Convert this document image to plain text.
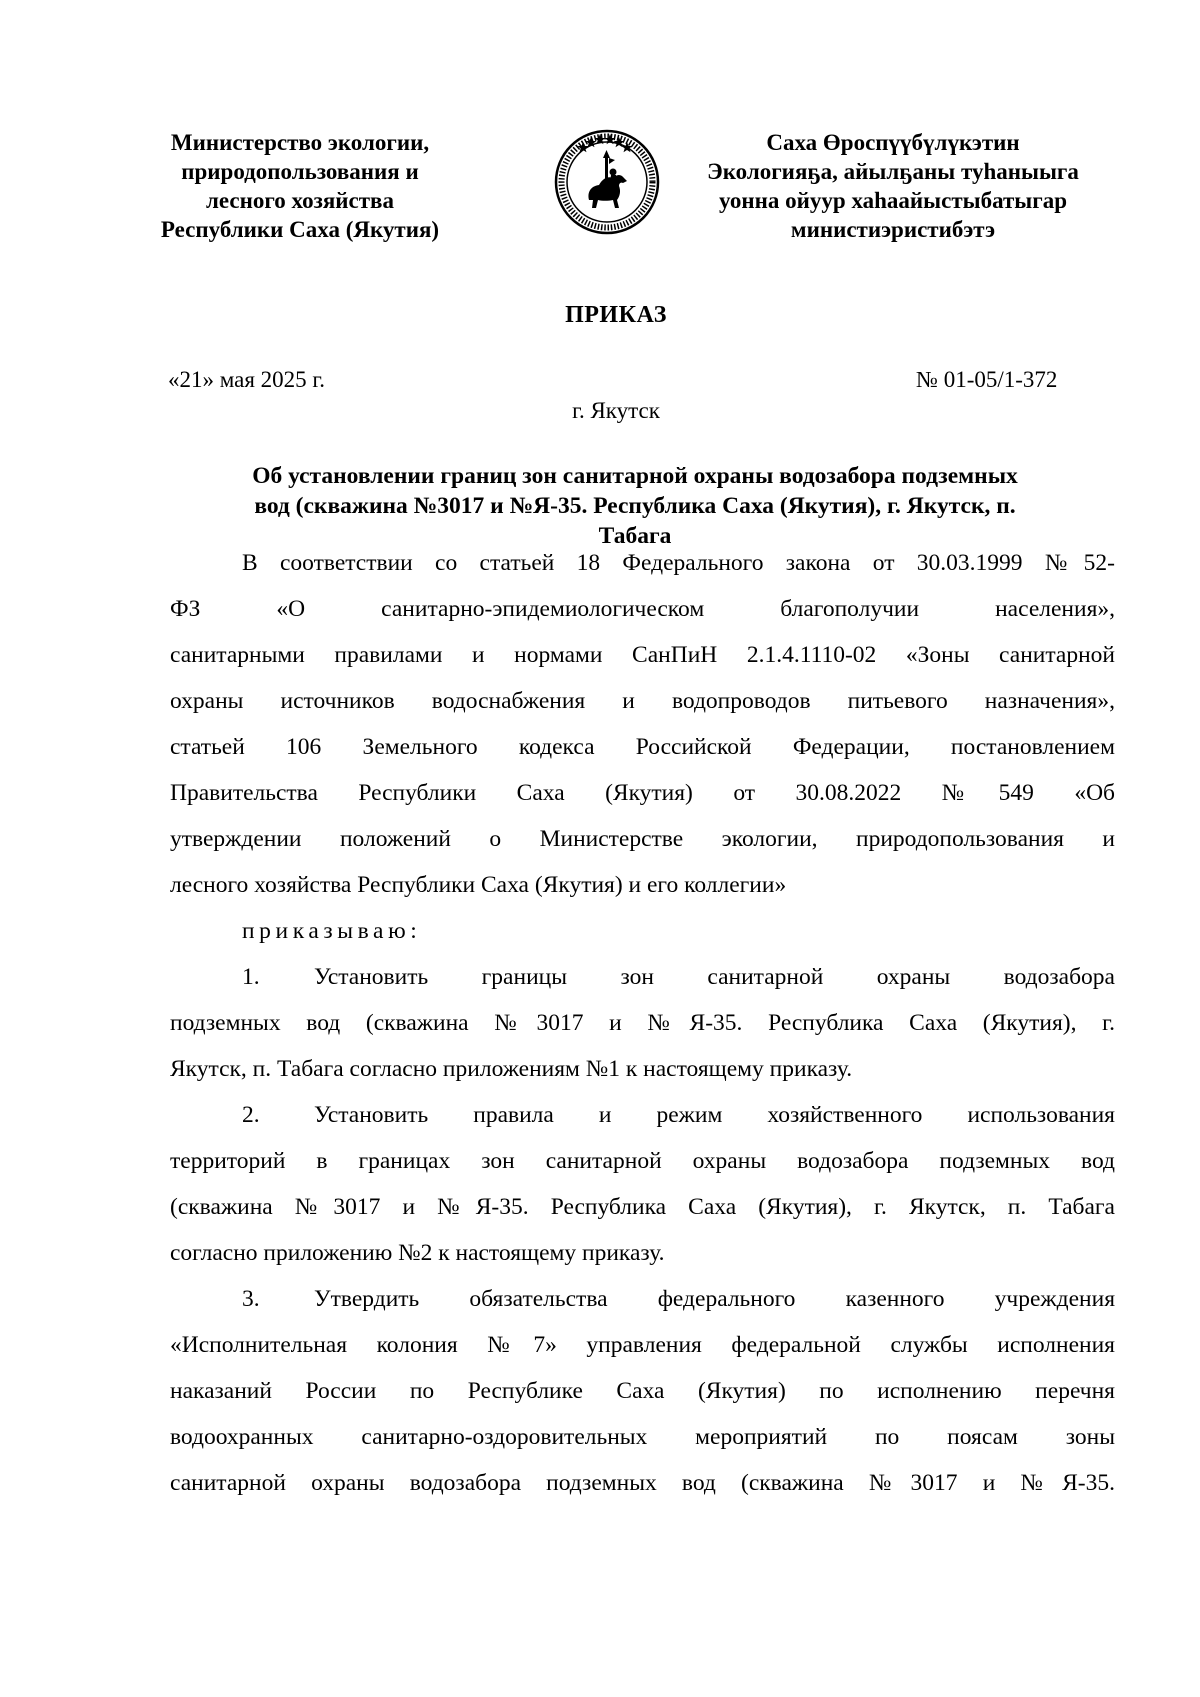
Министерство экологии,
природопользования и
лесного хозяйства
Республики Саха (Якутия)
Саха Өроспүүбүлүкэтин
Экологияҕа, айылҕаны туһаныыга
уонна ойуур хаһаайыстыбатыгар
министиэристибэтэ
ПРИКАЗ
«21» мая 2025 г.	№ 01-05/1-372
г. Якутск
Об установлении границ зон санитарной охраны водозабора подземных
вод (скважина №3017 и №Я-35. Республика Саха (Якутия), г. Якутск, п.
Табага
В соответствии со статьей 18 Федерального закона от 30.03.1999 №52-
ФЗ «О санитарно-эпидемиологическом благополучии населения»,
санитарными правилами и нормами СанПиН 2.1.4.1110-02 «Зоны санитарной
охраны источников водоснабжения и водопроводов питьевого назначения»,
статьей 106 Земельного кодекса Российской Федерации, постановлением
Правительства Республики Саха (Якутия) от 30.08.2022 №549 «Об
утверждении положений о Министерстве экологии, природопользования и
лесного хозяйства Республики Саха (Якутия) и его коллегии»
приказываю:
1. Установить границы зон санитарной охраны водозабора
подземных вод (скважина №3017 и №Я-35. Республика Саха (Якутия), г.
Якутск, п. Табага согласно приложениям №1 к настоящему приказу.
2. Установить правила и режим хозяйственного использования
территорий в границах зон санитарной охраны водозабора подземных вод
(скважина №3017 и №Я-35. Республика Саха (Якутия), г. Якутск, п. Табага
согласно приложению №2 к настоящему приказу.
3. Утвердить обязательства федерального казенного учреждения
«Исполнительная колония №7» управления федеральной службы исполнения
наказаний России по Республике Саха (Якутия) по исполнению перечня
водоохранных санитарно-оздоровительных мероприятий по поясам зоны
санитарной охраны водозабора подземных вод (скважина №3017 и №Я-35.
